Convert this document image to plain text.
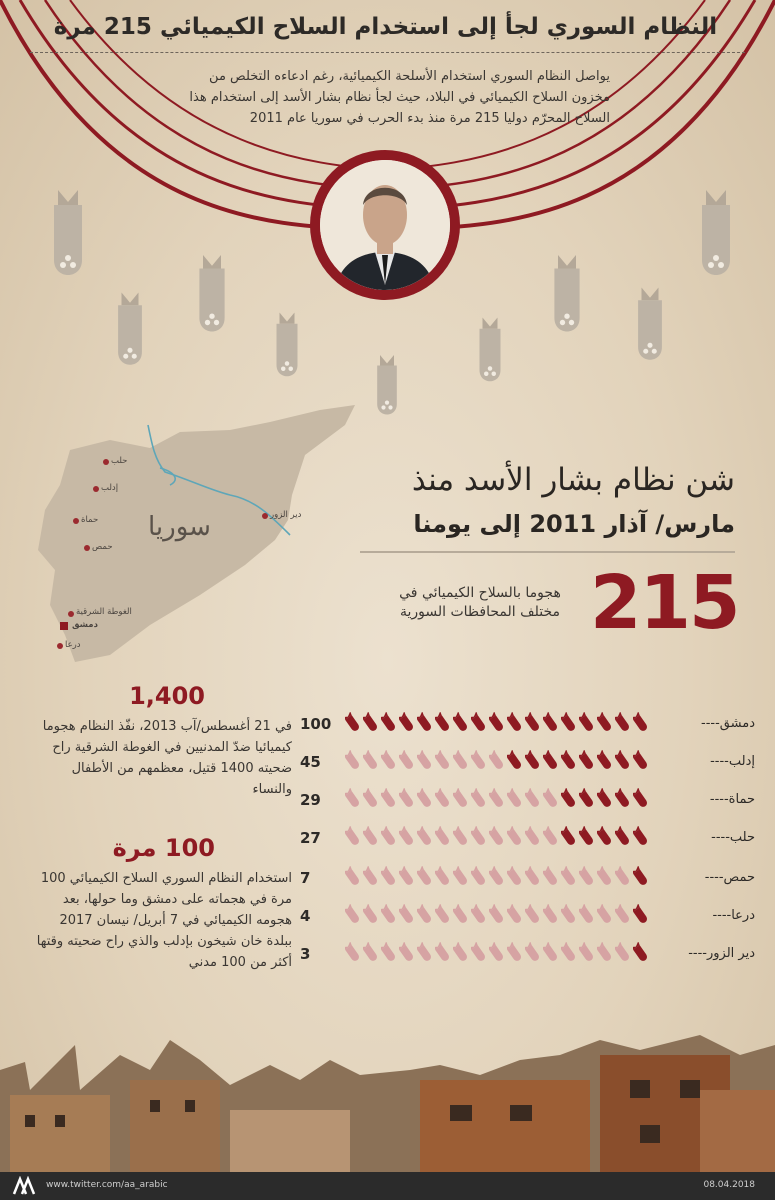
النظام السوري لجأ إلى استخدام السلاح الكيميائي 215 مرة
يواصل النظام السوري استخدام الأسلحة الكيميائية، رغم ادعاءه التخلص من مخزون السلاح الكيميائي في البلاد، حيث لجأ نظام بشار الأسد إلى استخدام هذا السلاح المحرّم دوليا 215 مرة منذ بدء الحرب في سوريا عام 2011
سوريا
حلب
إدلب
حماة
حمص
دير الزور
الغوطة الشرقية
دمشق
درعا
شن نظام بشار الأسد منذ
مارس/ آذار 2011 إلى يومنا
215
هجوما بالسلاح الكيميائي في مختلف المحافظات السورية
1,400
في 21 أغسطس/آب 2013، نفّذ النظام هجوما كيميائيا ضدّ المدنيين في الغوطة الشرقية راح ضحيته 1400 قتيل، معظمهم من الأطفال والنساء
100 مرة
استخدام النظام السوري السلاح الكيميائي 100 مرة في هجماته على دمشق وما حولها، بعد هجومه الكيميائي في 7 أبريل/ نيسان 2017 ببلدة خان شيخون بإدلب والذي راح ضحيته وقتها أكثر من 100 مدني
دمشق----
100
إدلب----
45
حماة----
29
حلب----
27
حمص----
7
درعا----
4
دير الزور----
3
www.twitter.com/aa_arabic	08.04.2018
